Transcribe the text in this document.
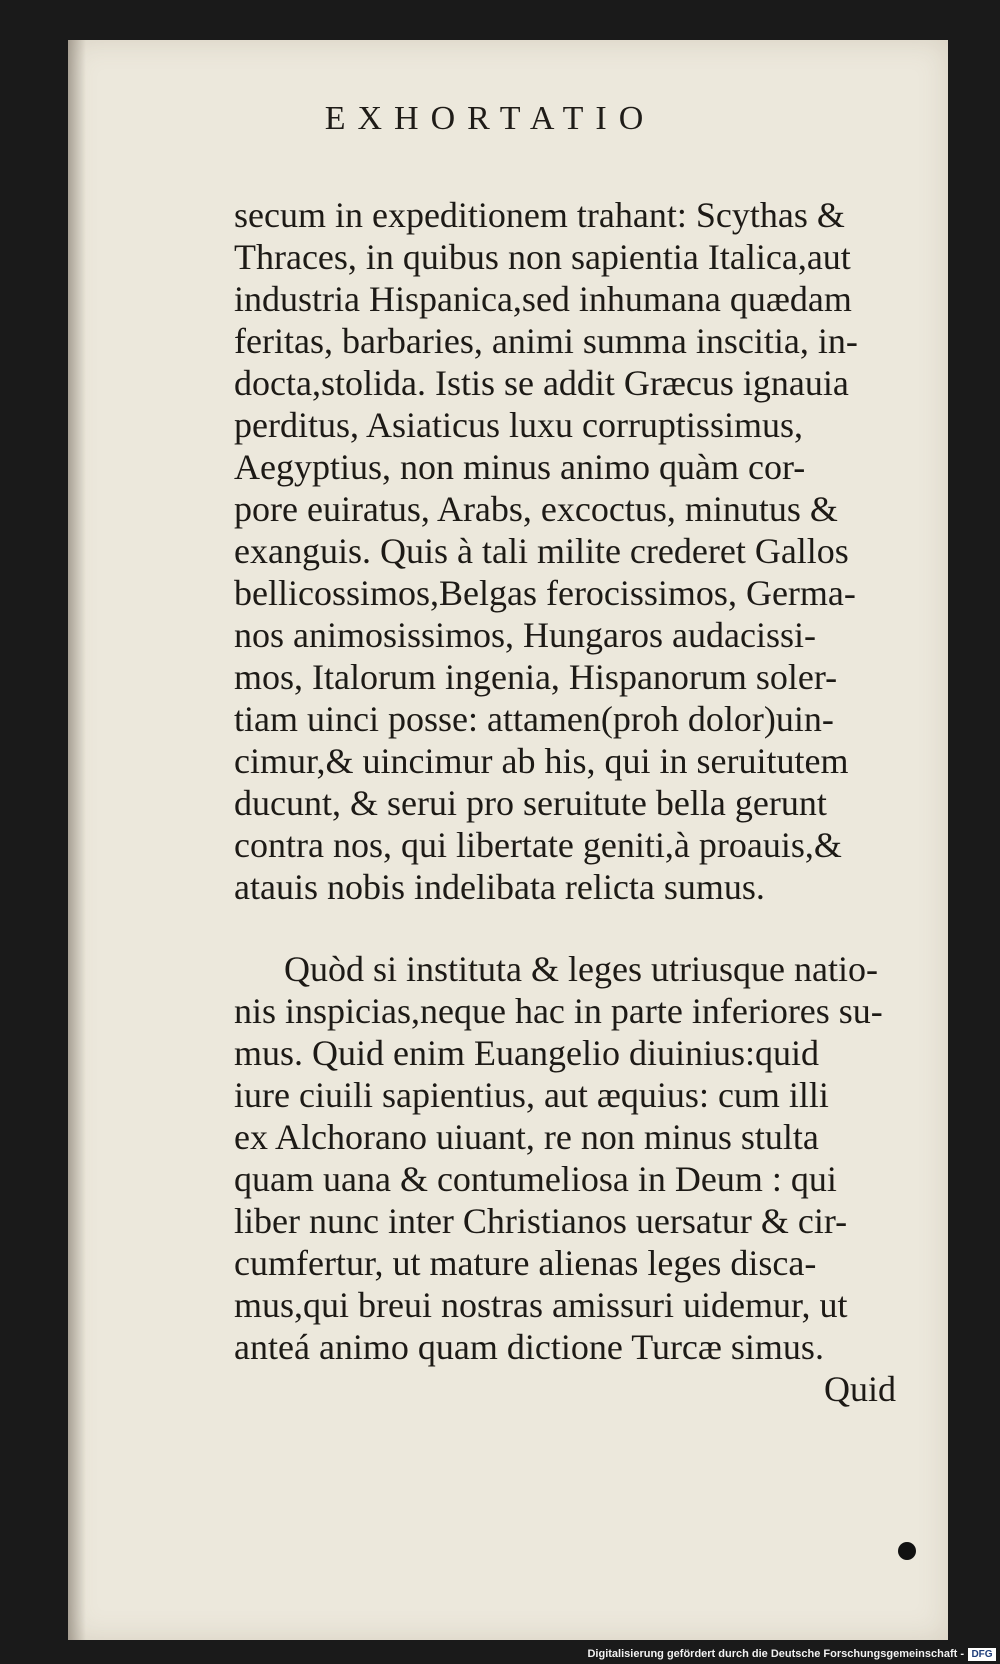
EXHORTATIO
secum in expeditionem trahant: Scythas &
Thraces, in quibus non sapientia Italica,aut
industria Hispanica,sed inhumana quædam
feritas, barbaries, animi summa inscitia, in-
docta,stolida. Istis se addit Græcus ignauia
perditus, Asiaticus luxu corruptissimus,
Aegyptius, non minus animo quàm cor-
pore euiratus, Arabs, excoctus, minutus &
exanguis. Quis à tali milite crederet Gallos
bellicossimos,Belgas ferocissimos, Germa-
nos animosissimos, Hungaros audacissi-
mos, Italorum ingenia, Hispanorum soler-
tiam uinci posse: attamen(proh dolor)uin-
cimur,& uincimur ab his, qui in seruitutem
ducunt, & serui pro seruitute bella gerunt
contra nos, qui libertate geniti,à proauis,&
atauis nobis indelibata relicta sumus.
Quòd si instituta & leges utriusque natio-
nis inspicias,neque hac in parte inferiores su-
mus. Quid enim Euangelio diuinius:quid
iure ciuili sapientius, aut æquius: cum illi
ex Alchorano uiuant, re non minus stulta
quam uana & contumeliosa in Deum : qui
liber nunc inter Christianos uersatur & cir-
cumfertur, ut mature alienas leges disca-
mus,qui breui nostras amissuri uidemur, ut
anteá animo quam dictione Turcæ simus.
Quid
Digitalisierung gefördert durch die Deutsche Forschungsgemeinschaft - DFG
